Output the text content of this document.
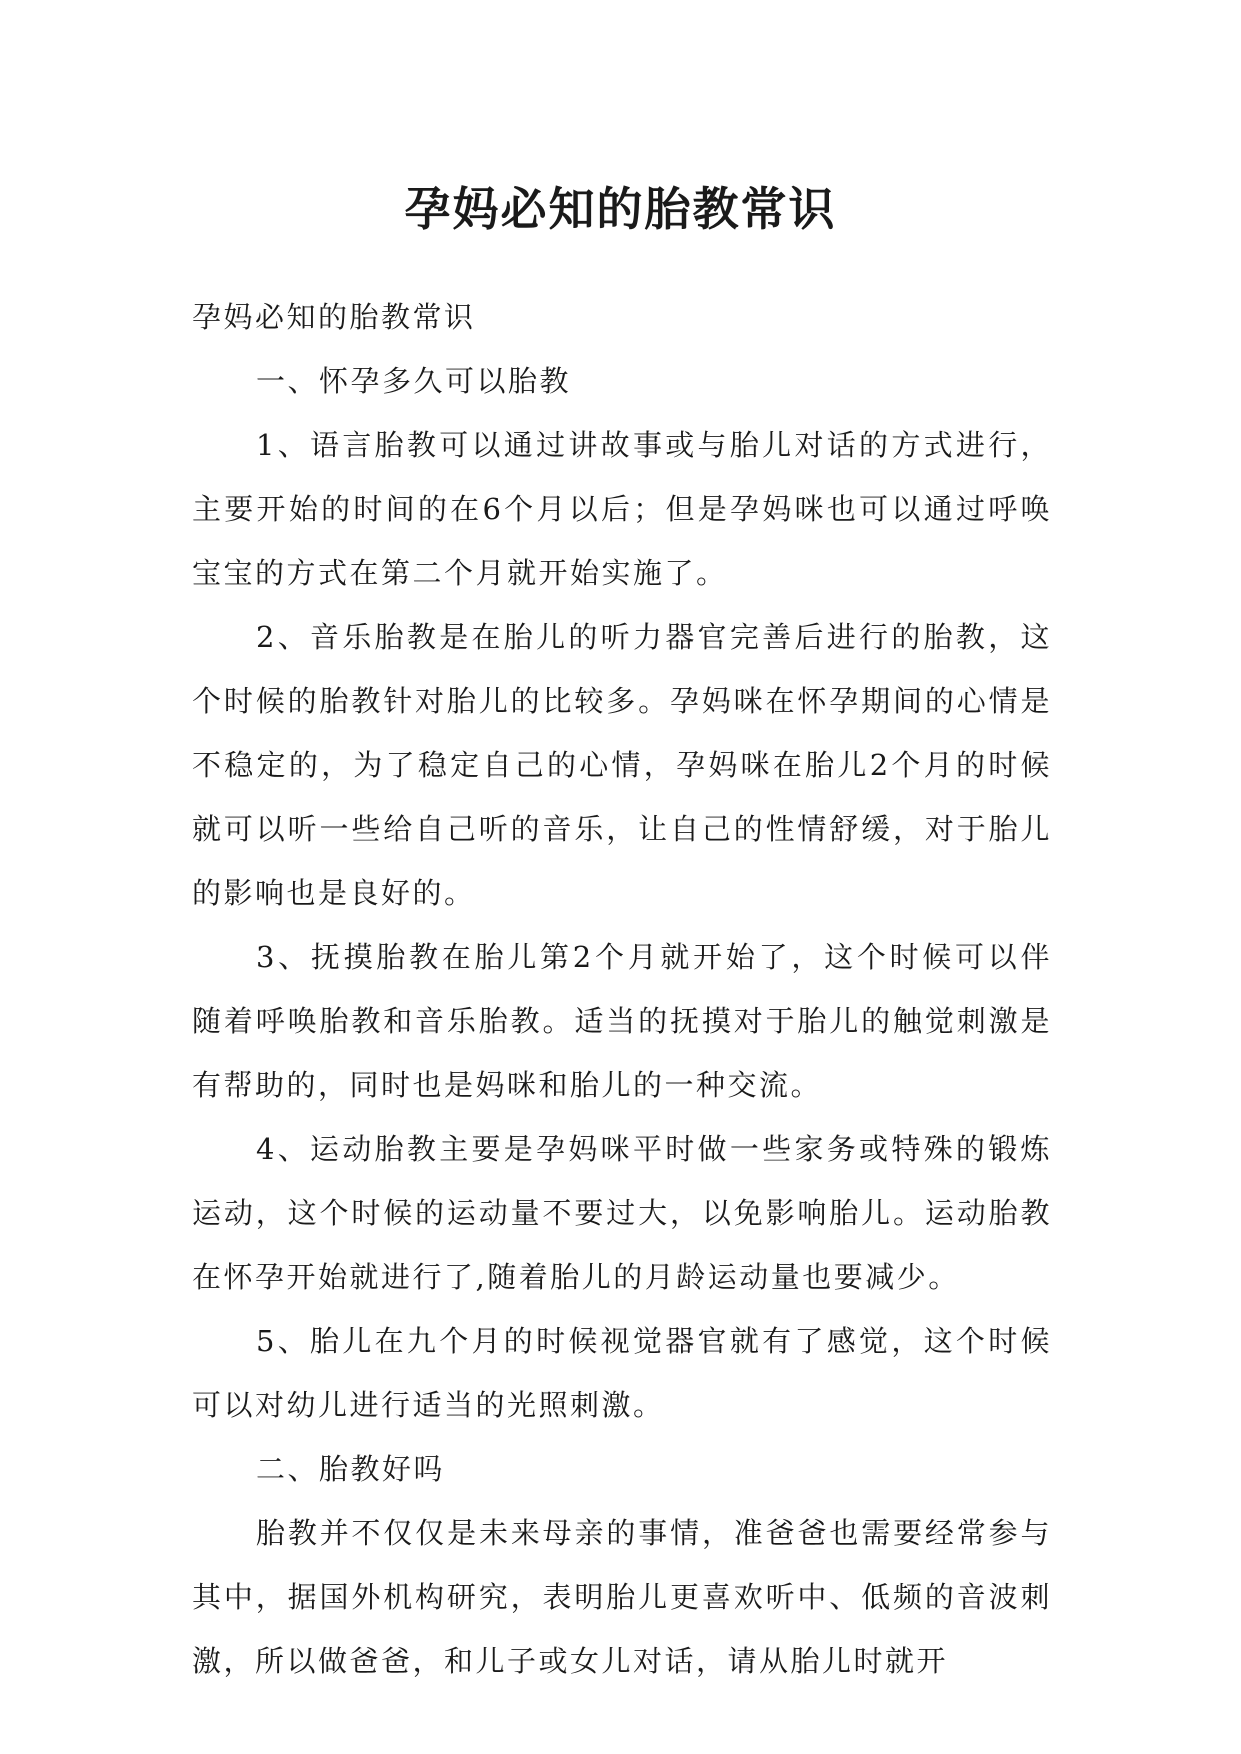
孕妈必知的胎教常识

孕妈必知的胎教常识

一、怀孕多久可以胎教

1、语言胎教可以通过讲故事或与胎儿对话的方式进行，主要开始的时间的在6个月以后；但是孕妈咪也可以通过呼唤宝宝的方式在第二个月就开始实施了。

2、音乐胎教是在胎儿的听力器官完善后进行的胎教，这个时候的胎教针对胎儿的比较多。孕妈咪在怀孕期间的心情是不稳定的，为了稳定自己的心情，孕妈咪在胎儿2个月的时候就可以听一些给自己听的音乐，让自己的性情舒缓，对于胎儿的影响也是良好的。

3、抚摸胎教在胎儿第2个月就开始了，这个时候可以伴随着呼唤胎教和音乐胎教。适当的抚摸对于胎儿的触觉刺激是有帮助的，同时也是妈咪和胎儿的一种交流。

4、运动胎教主要是孕妈咪平时做一些家务或特殊的锻炼运动，这个时候的运动量不要过大，以免影响胎儿。运动胎教在怀孕开始就进行了,随着胎儿的月龄运动量也要减少。

5、胎儿在九个月的时候视觉器官就有了感觉，这个时候可以对幼儿进行适当的光照刺激。

二、胎教好吗

胎教并不仅仅是未来母亲的事情，准爸爸也需要经常参与其中，据国外机构研究，表明胎儿更喜欢听中、低频的音波刺激，所以做爸爸，和儿子或女儿对话，请从胎儿时就开
